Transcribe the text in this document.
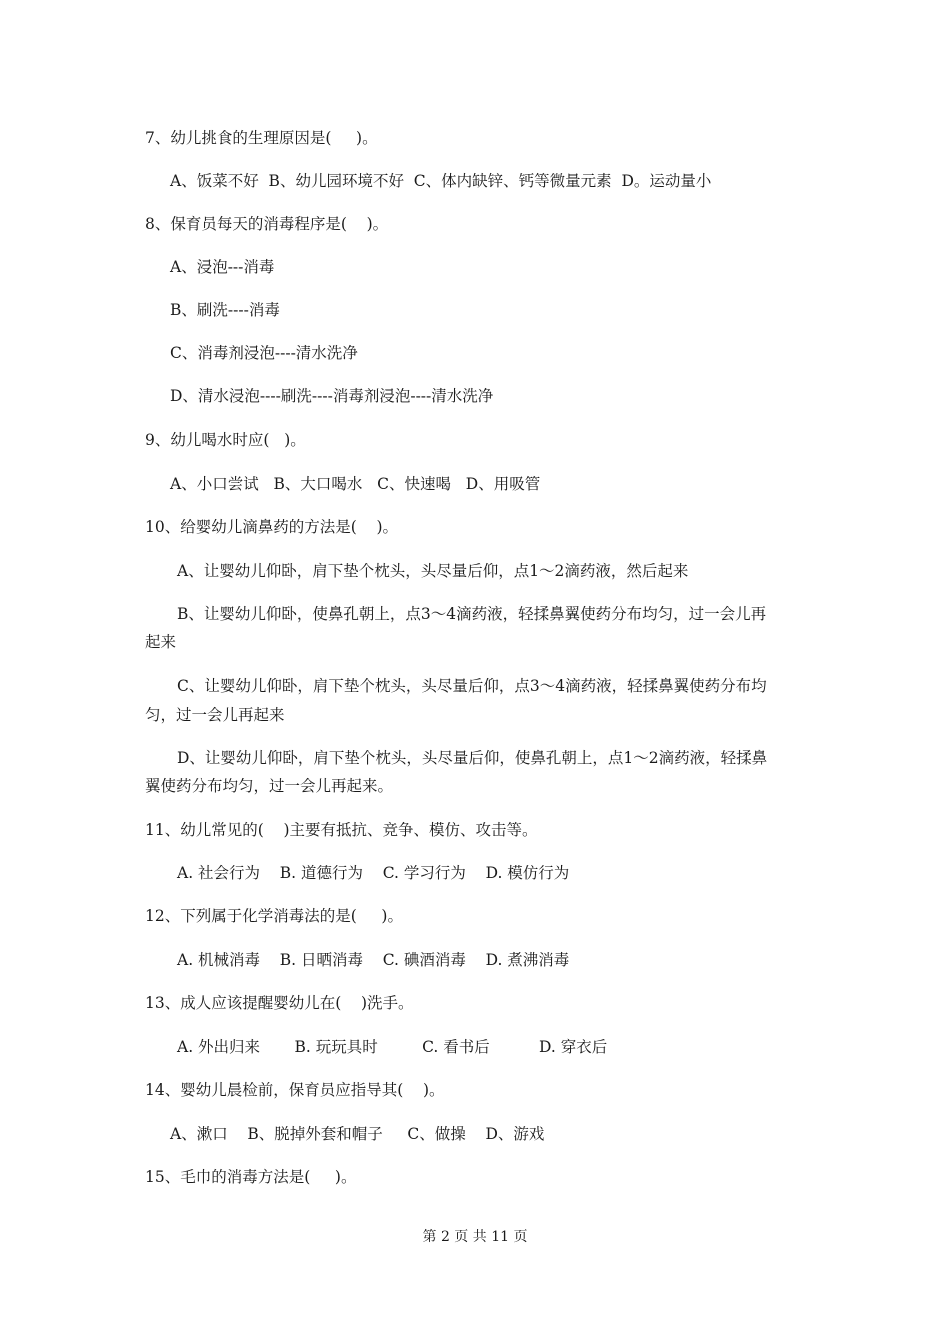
7、幼儿挑食的生理原因是(     )。

A、饭菜不好  B、幼儿园环境不好  C、体内缺锌、钙等微量元素  D。运动量小

8、保育员每天的消毒程序是(    )。

A、浸泡---消毒

B、刷洗----消毒

C、消毒剂浸泡----清水洗净

D、清水浸泡----刷洗----消毒剂浸泡----清水洗净

9、幼儿喝水时应(   )。

A、小口尝试   B、大口喝水   C、快速喝   D、用吸管

10、给婴幼儿滴鼻药的方法是(    )。

A、让婴幼儿仰卧，肩下垫个枕头，头尽量后仰，点1～2滴药液，然后起来

B、让婴幼儿仰卧，使鼻孔朝上，点3～4滴药液，轻揉鼻翼使药分布均匀，过一会儿再

起来

C、让婴幼儿仰卧，肩下垫个枕头，头尽量后仰，点3～4滴药液，轻揉鼻翼使药分布均

匀，过一会儿再起来

D、让婴幼儿仰卧，肩下垫个枕头，头尽量后仰，使鼻孔朝上，点1～2滴药液，轻揉鼻

翼使药分布均匀，过一会儿再起来。

11、幼儿常见的(    )主要有抵抗、竞争、模仿、攻击等。

A. 社会行为    B. 道德行为    C. 学习行为    D. 模仿行为

12、下列属于化学消毒法的是(     )。

A. 机械消毒    B. 日晒消毒    C. 碘酒消毒    D. 煮沸消毒

13、成人应该提醒婴幼儿在(    )洗手。

A. 外出归来       B. 玩玩具时         C. 看书后          D. 穿衣后

14、婴幼儿晨检前，保育员应指导其(    )。

A、漱口    B、脱掉外套和帽子     C、做操    D、游戏

15、毛巾的消毒方法是(     )。

第 2 页 共 11 页
